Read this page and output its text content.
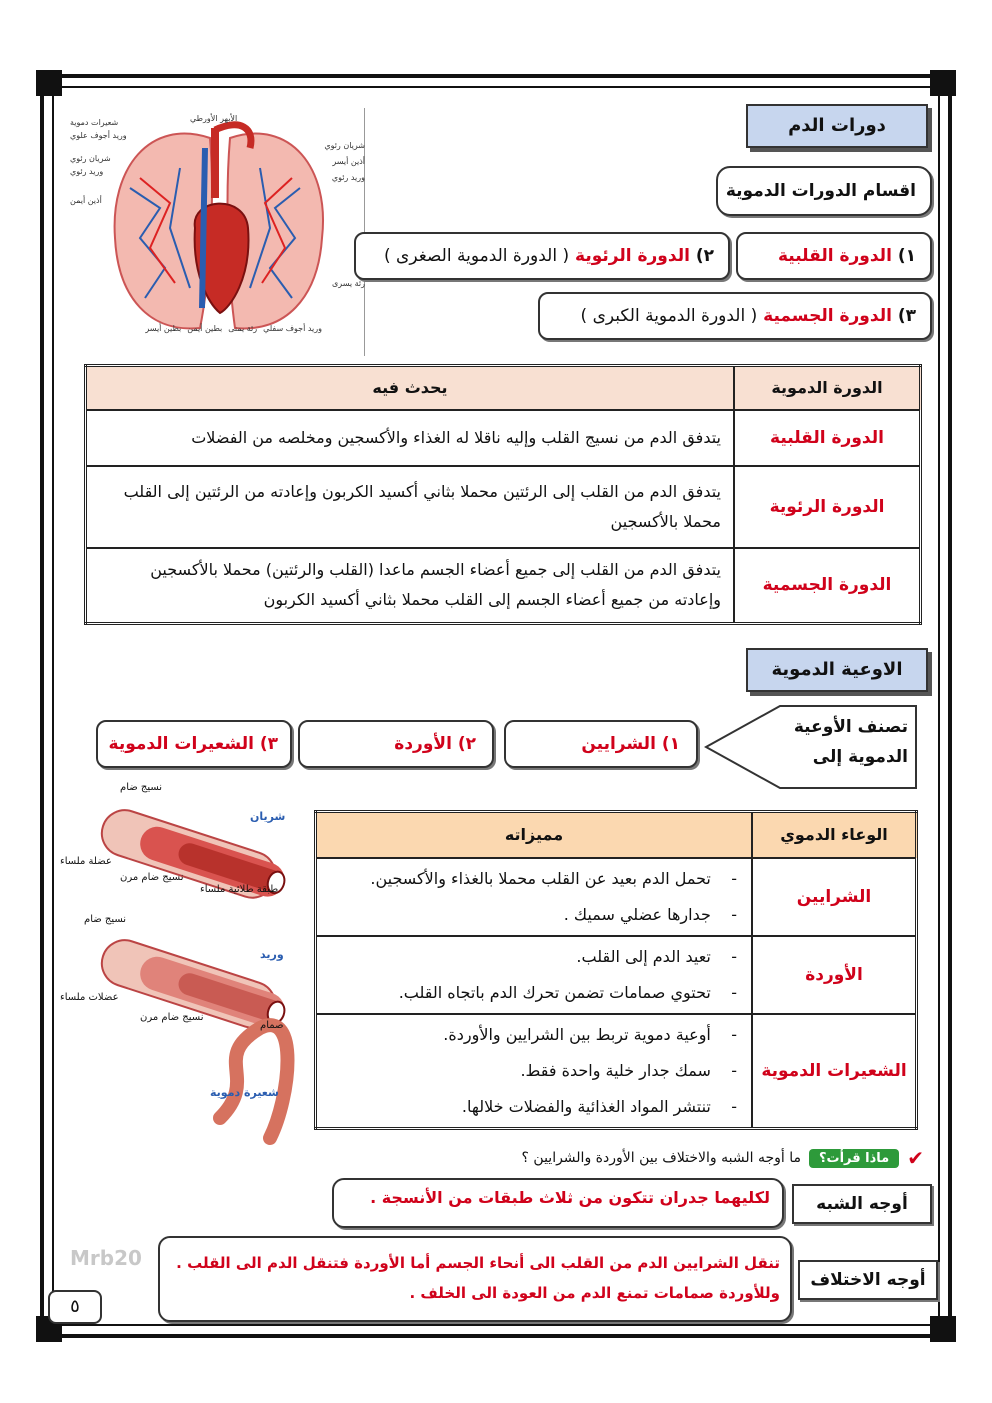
دورات الدم
اقسام الدورات الدموية
شعيرات دموية
وريد أجوف علوي
شريان رئوي
وريد رئوي
أذين أيمن
وريد أجوف سفلي
رئة يمنى
بطين أيمن
بطين أيسر
شريان رئوي
أذين أيسر
وريد رئوي
رئة يسرى
الأبهر الأورطي
١) الدورة القلبية
٢) الدورة الرئوية ( الدورة الدموية الصغرى )
٣) الدورة الجسمية ( الدورة الدموية الكبرى )
الدورة الدموية	يحدث فيه
الدورة القلبية	يتدفق الدم من نسيج القلب وإليه ناقلا له الغذاء والأكسجين ومخلصه من الفضلات
الدورة الرئوية	يتدفق الدم من القلب إلى الرئتين محملا بثاني أكسيد الكربون وإعادته من الرئتين إلى القلب محملا بالأكسجين
الدورة الجسمية	يتدفق الدم من القلب إلى جميع أعضاء الجسم ماعدا (القلب والرئتين) محملا بالأكسجين وإعادته من جميع أعضاء الجسم إلى القلب محملا بثاني أكسيد الكربون
الاوعية الدموية
تصنف الأوعية الدموية إلى
١) الشرايين
٢) الأوردة
٣) الشعيرات الدموية
شريان
نسيج ضام
عضلة ملساء
نسيج ضام مرن
طبقة طلائية ملساء
وريد
نسيج ضام
عضلات ملساء
نسيج ضام مرن
صمام
شعيرة دموية
الوعاء الدموي	مميزاته
الشرايين	-    تحمل الدم بعيد عن القلب محملا بالغذاء والأكسجين.
-    جدارها عضلي سميك .

الأوردة	-    تعيد الدم إلى القلب.
-    تحتوي صمامات تضمن تحرك الدم باتجاه القلب.

الشعيرات الدموية	-    أوعية دموية تربط بين الشرايين والأوردة.
-    سمك جدار خلية واحدة فقط.
-    تنتشر المواد الغذائية والفضلات خلالها.
✔
ماذا قرأت؟
ما أوجه الشبه والاختلاف بين الأوردة والشرايين ؟
أوجه الشبه
لكليهما جدران تتكون من ثلاث طبقات من الأنسجة .
أوجه الاختلاف
تنقل الشرايين الدم من القلب الى أنحاء الجسم أما الأوردة فتنقل الدم الى القلب .
وللأوردة صمامات تمنع الدم من العودة الى الخلف .
Mrb20
٥
